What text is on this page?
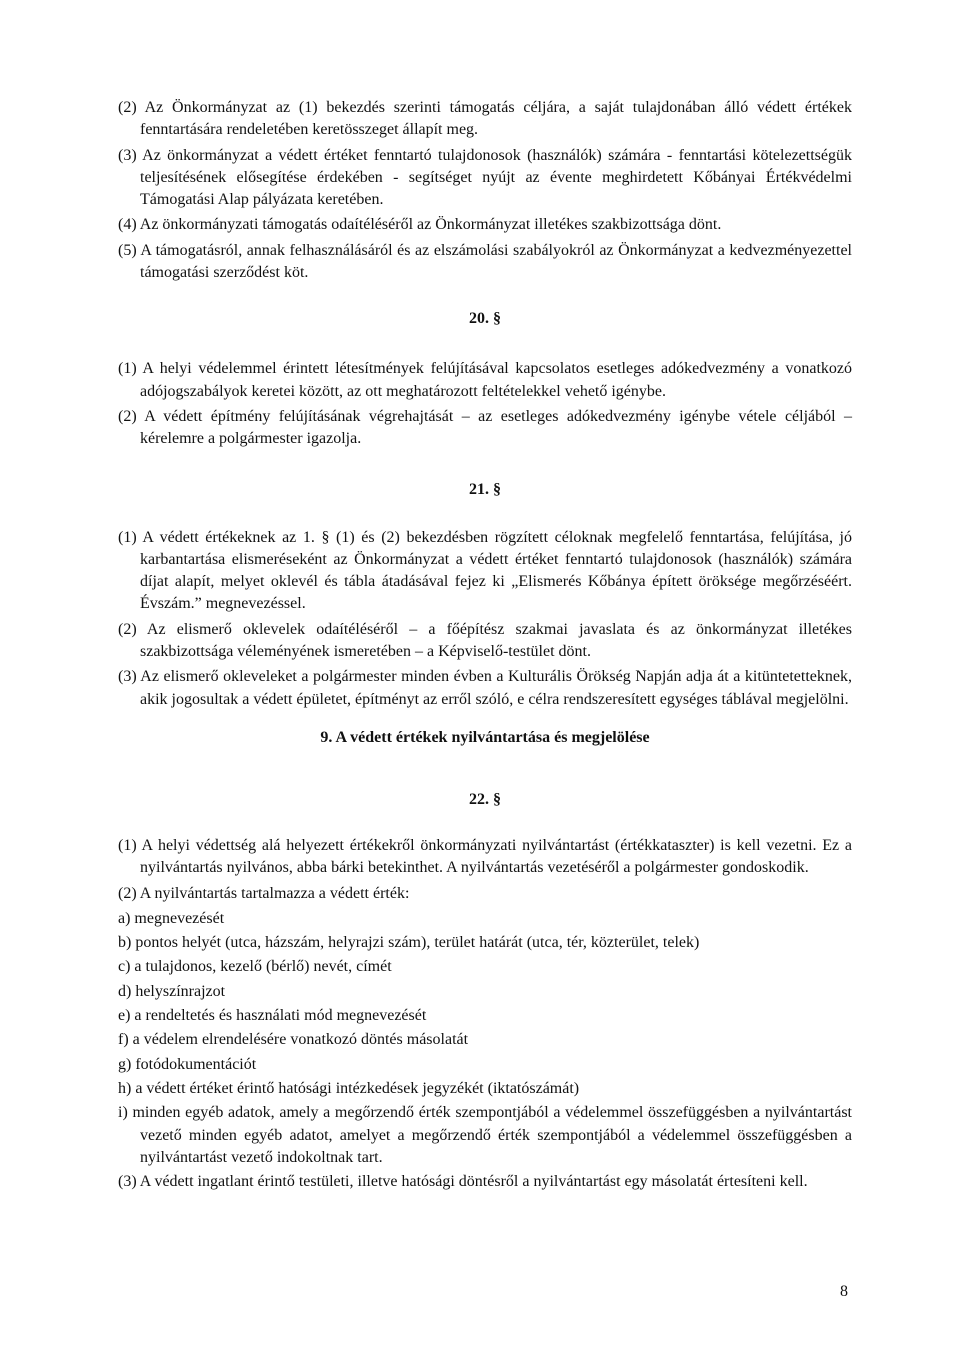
(2) Az Önkormányzat az (1) bekezdés szerinti támogatás céljára, a saját tulajdonában álló védett értékek fenntartására rendeletében keretösszeget állapít meg.

(3) Az önkormányzat a védett értéket fenntartó tulajdonosok (használók) számára - fenntartási kötelezettségük teljesítésének elősegítése érdekében - segítséget nyújt az évente meghirdetett Kőbányai Értékvédelmi Támogatási Alap pályázata keretében.

(4) Az önkormányzati támogatás odaítéléséről az Önkormányzat illetékes szakbizottsága dönt.

(5) A támogatásról, annak felhasználásáról és az elszámolási szabályokról az Önkormányzat a kedvezményezettel támogatási szerződést köt.

20. §

(1) A helyi védelemmel érintett létesítmények felújításával kapcsolatos esetleges adókedvezmény a vonatkozó adójogszabályok keretei között, az ott meghatározott feltételekkel vehető igénybe.

(2) A védett építmény felújításának végrehajtását – az esetleges adókedvezmény igénybe vétele céljából – kérelemre a polgármester igazolja.

21. §

(1) A védett értékeknek az 1. § (1) és (2) bekezdésben rögzített céloknak megfelelő fenntartása, felújítása, jó karbantartása elismeréseként az Önkormányzat a védett értéket fenntartó tulajdonosok (használók) számára díjat alapít, melyet oklevél és tábla átadásával fejez ki „Elismerés Kőbánya épített öröksége megőrzéséért. Évszám.” megnevezéssel.

(2) Az elismerő oklevelek odaítéléséről – a főépítész szakmai javaslata és az önkormányzat illetékes szakbizottsága véleményének ismeretében – a Képviselő-testület dönt.

(3) Az elismerő okleveleket a polgármester minden évben a Kulturális Örökség Napján adja át a kitüntetetteknek, akik jogosultak a védett épületet, építményt az erről szóló, e célra rendszeresített egységes táblával megjelölni.

9. A védett értékek nyilvántartása és megjelölése
22. §

(1) A helyi védettség alá helyezett értékekről önkormányzati nyilvántartást (értékkataszter) is kell vezetni. Ez a nyilvántartás nyilvános, abba bárki betekinthet. A nyilvántartás vezetéséről a polgármester gondoskodik.

(2) A nyilvántartás tartalmazza a védett érték:

a) megnevezését
b) pontos helyét (utca, házszám, helyrajzi szám), terület határát (utca, tér, közterület, telek)
c) a tulajdonos, kezelő (bérlő) nevét, címét
d) helyszínrajzot
e) a rendeltetés és használati mód megnevezését
f) a védelem elrendelésére vonatkozó döntés másolatát
g) fotódokumentációt
h) a védett értéket érintő hatósági intézkedések jegyzékét (iktatószámát)
i) minden egyéb adatok, amely a megőrzendő érték szempontjából a védelemmel összefüggésben a nyilvántartást vezető minden egyéb adatot, amelyet a megőrzendő érték szempontjából a védelemmel összefüggésben a nyilvántartást vezető indokoltnak tart.

(3) A védett ingatlant érintő testületi, illetve hatósági döntésről a nyilvántartást egy másolatát értesíteni kell.

8
